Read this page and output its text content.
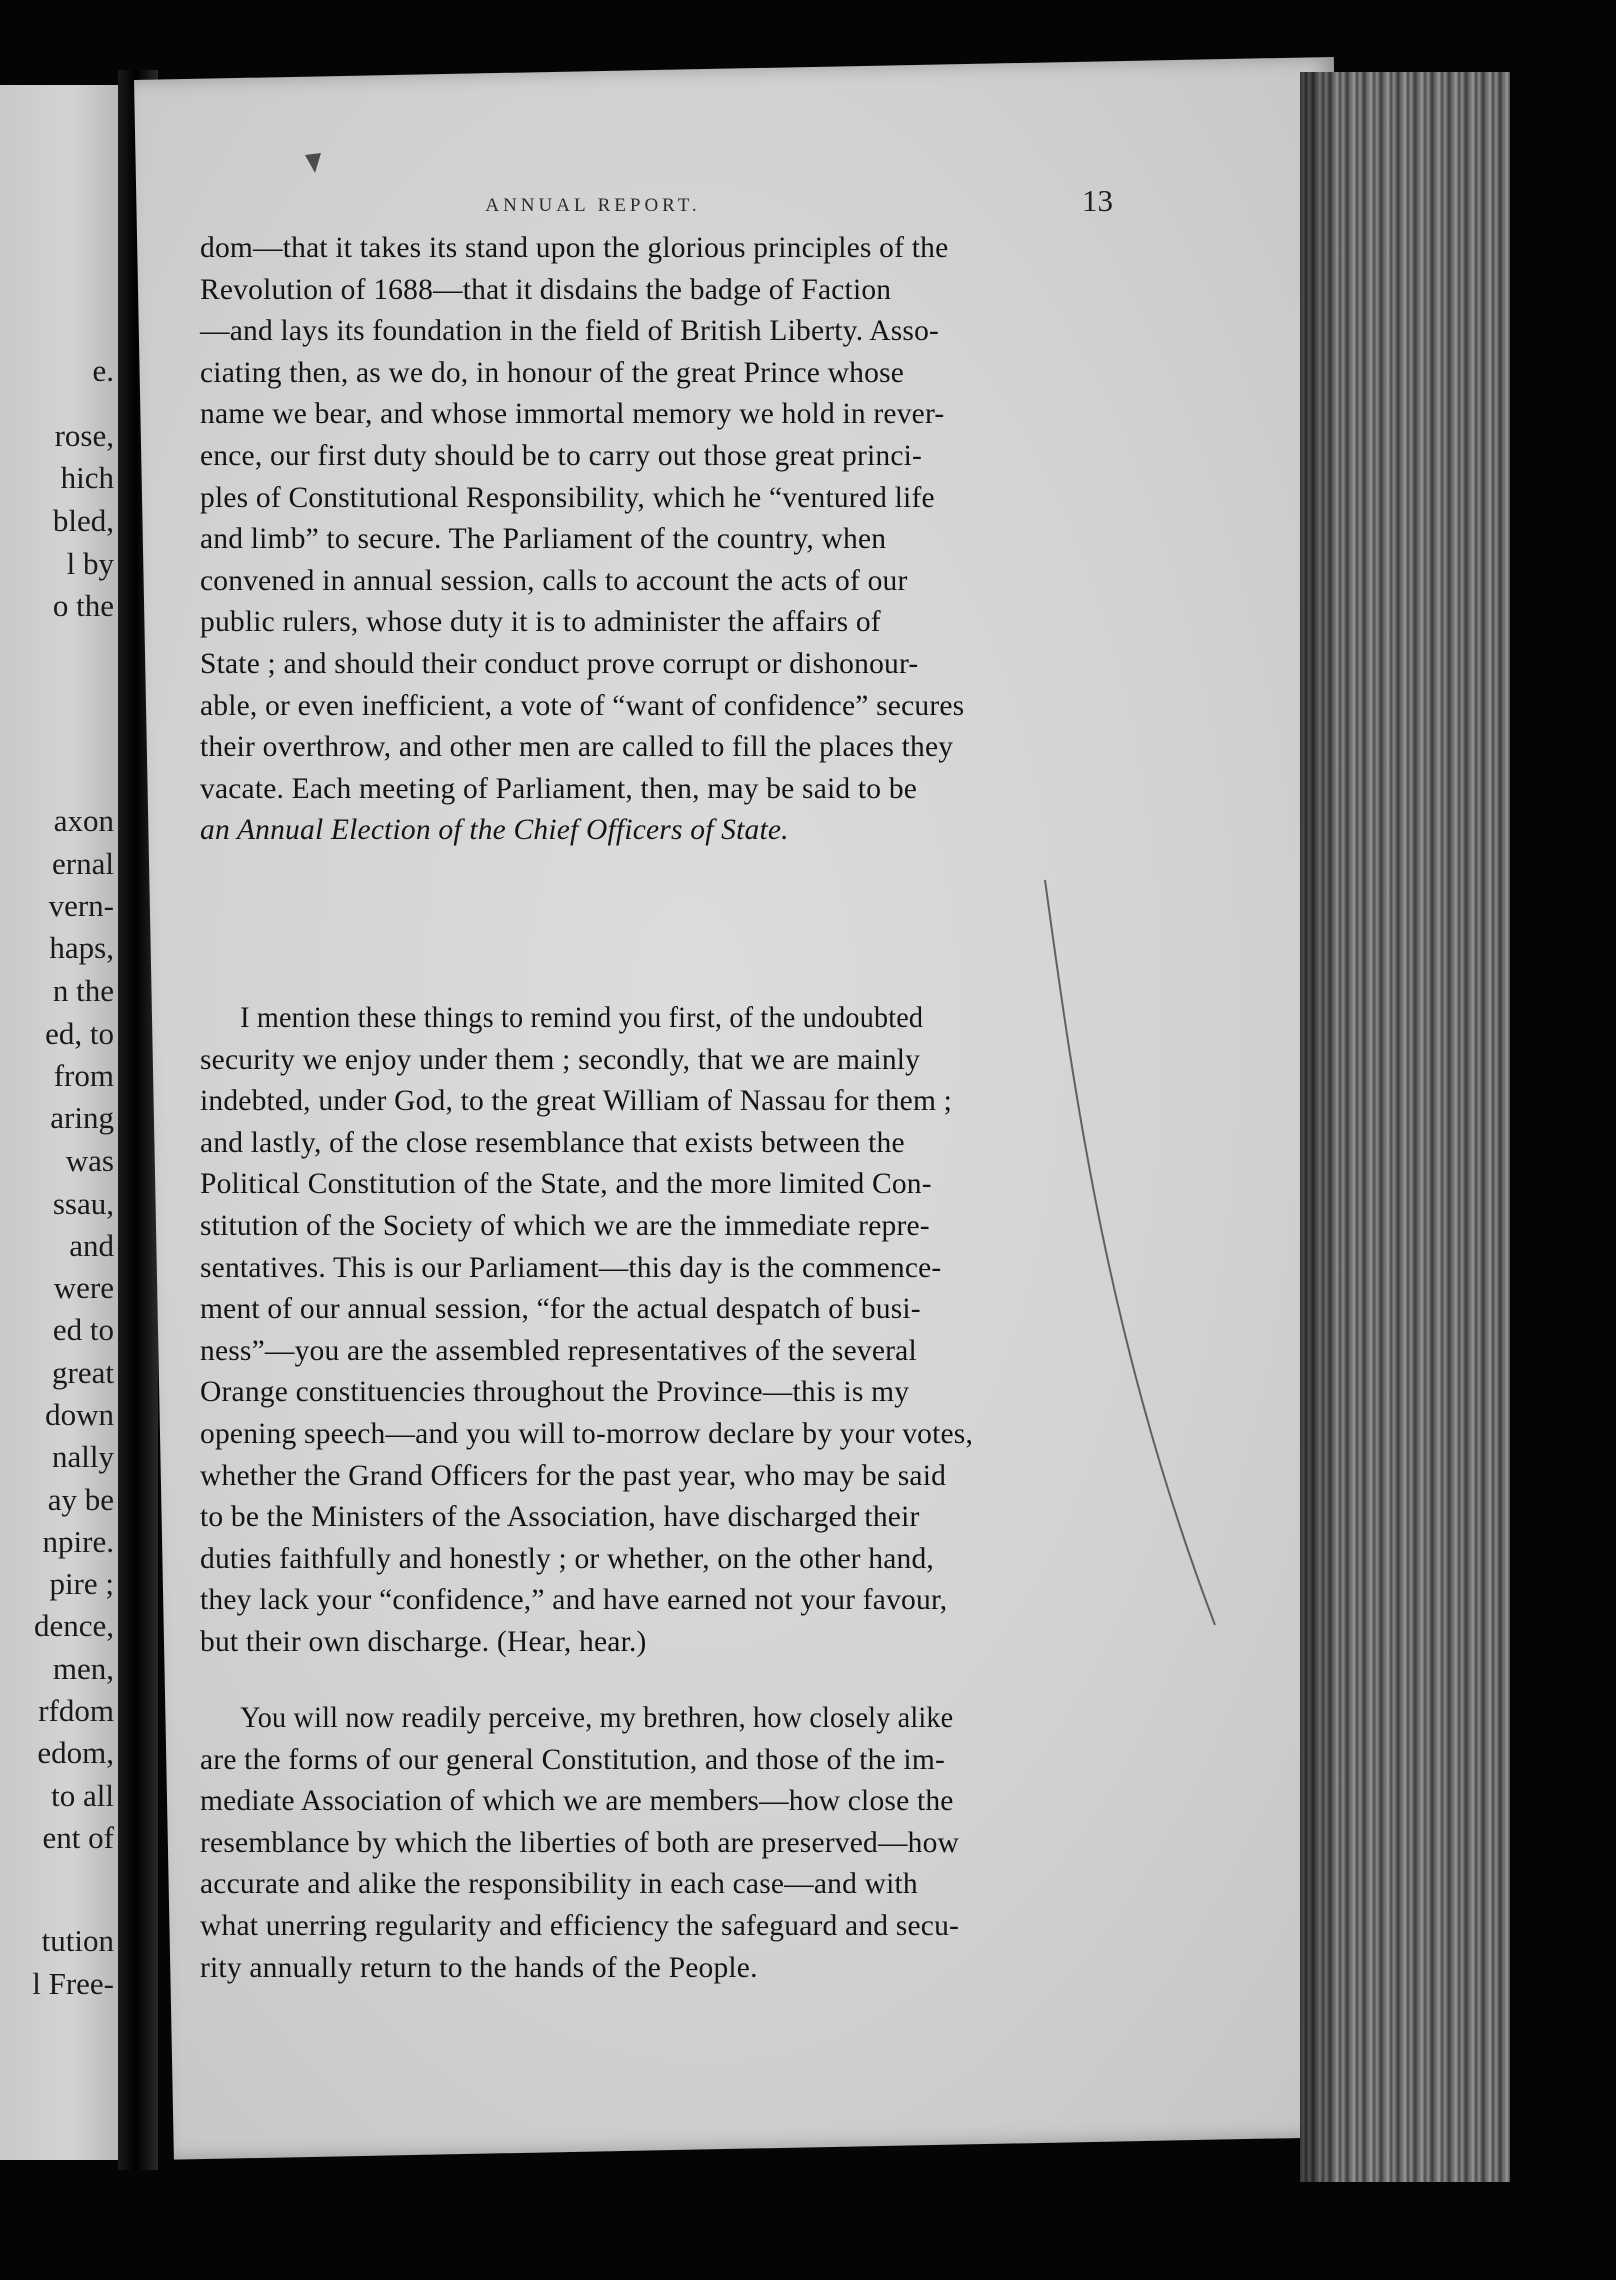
e.
rose,
hich
bled,
l by
o the
axon
ernal
vern-
haps,
n the
ed, to
from
aring
was
ssau,
and
were
ed to
great
down
nally
ay be
npire.
pire ;
dence,
men,
rfdom
edom,
to all
ent of
tution
l Free-
ANNUAL REPORT.	13
dom—that it takes its stand upon the glorious principles of the
Revolution of 1688—that it disdains the badge of Faction
—and lays its foundation in the field of British Liberty. Asso-
ciating then, as we do, in honour of the great Prince whose
name we bear, and whose immortal memory we hold in rever-
ence, our first duty should be to carry out those great princi-
ples of Constitutional Responsibility, which he “ventured life
and limb” to secure. The Parliament of the country, when
convened in annual session, calls to account the acts of our
public rulers, whose duty it is to administer the affairs of
State ; and should their conduct prove corrupt or dishonour-
able, or even inefficient, a vote of “want of confidence” secures
their overthrow, and other men are called to fill the places they
vacate. Each meeting of Parliament, then, may be said to be
an Annual Election of the Chief Officers of State.
I mention these things to remind you first, of the undoubted
security we enjoy under them ; secondly, that we are mainly
indebted, under God, to the great William of Nassau for them ;
and lastly, of the close resemblance that exists between the
Political Constitution of the State, and the more limited Con-
stitution of the Society of which we are the immediate repre-
sentatives. This is our Parliament—this day is the commence-
ment of our annual session, “for the actual despatch of busi-
ness”—you are the assembled representatives of the several
Orange constituencies throughout the Province—this is my
opening speech—and you will to-morrow declare by your votes,
whether the Grand Officers for the past year, who may be said
to be the Ministers of the Association, have discharged their
duties faithfully and honestly ; or whether, on the other hand,
they lack your “confidence,” and have earned not your favour,
but their own discharge. (Hear, hear.)
You will now readily perceive, my brethren, how closely alike
are the forms of our general Constitution, and those of the im-
mediate Association of which we are members—how close the
resemblance by which the liberties of both are preserved—how
accurate and alike the responsibility in each case—and with
what unerring regularity and efficiency the safeguard and secu-
rity annually return to the hands of the People.
